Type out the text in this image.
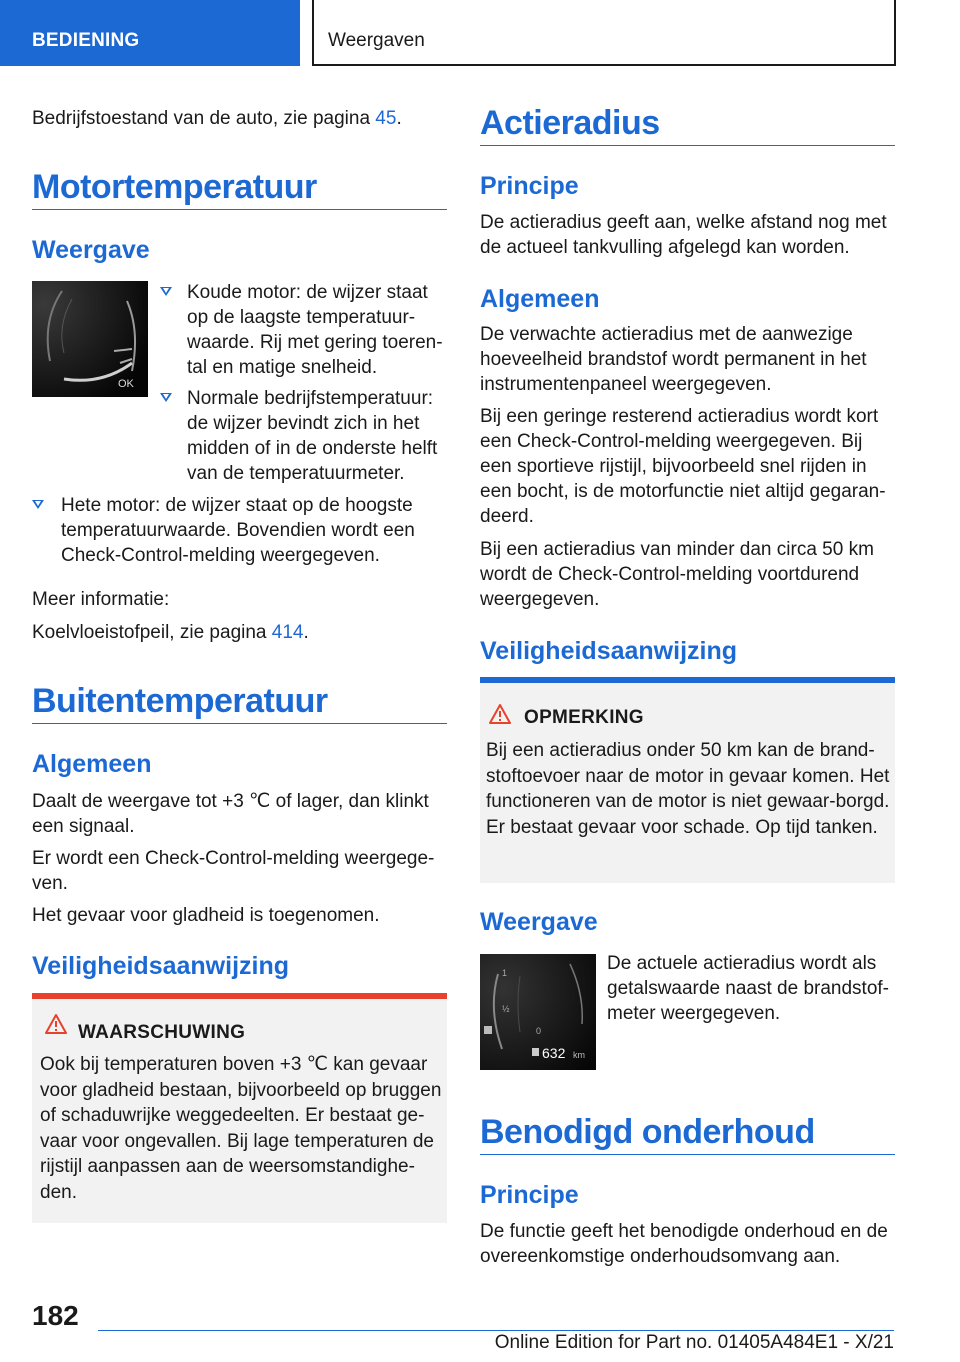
BEDIENING	Weergaven

Bedrijfstoestand van de auto, zie pagina 45.

Motortemperatuur
Weergave
OK
Koude motor: de wijzer staat op de laagste temperatuur-waarde. Rij met gering toeren-tal en matige snelheid.
Normale bedrijfstemperatuur: de wijzer bevindt zich in het midden of in de onderste helft van de temperatuurmeter.
Hete motor: de wijzer staat op de hoogste temperatuurwaarde. Bovendien wordt een Check-Control-melding weergegeven.

Meer informatie:

Koelvloeistofpeil, zie pagina 414.

Buitentemperatuur
Algemeen

Daalt de weergave tot +3 ℃ of lager, dan klinkt een signaal.

Er wordt een Check-Control-melding weergege-ven.

Het gevaar voor gladheid is toegenomen.

Veiligheidsaanwijzing
WAARSCHUWING
Ook bij temperaturen boven +3 ℃ kan gevaar voor gladheid bestaan, bijvoorbeeld op bruggen of schaduwrijke weggedeelten. Er bestaat ge-vaar voor ongevallen. Bij lage temperaturen de rijstijl aanpassen aan de weersomstandighe-den.
Actieradius
Principe

De actieradius geeft aan, welke afstand nog met de actueel tankvulling afgelegd kan worden.

Algemeen

De verwachte actieradius met de aanwezige hoeveelheid brandstof wordt permanent in het instrumentenpaneel weergegeven.

Bij een geringe resterend actieradius wordt kort een Check-Control-melding weergegeven. Bij een sportieve rijstijl, bijvoorbeeld snel rijden in een bocht, is de motorfunctie niet altijd gegaran-deerd.

Bij een actieradius van minder dan circa 50 km wordt de Check-Control-melding voortdurend weergegeven.

Veiligheidsaanwijzing
OPMERKING
Bij een actieradius onder 50 km kan de brand-stoftoevoer naar de motor in gevaar komen. Het functioneren van de motor is niet gewaar-borgd. Er bestaat gevaar voor schade. Op tijd tanken.
Weergave
1
½
0
632 km

De actuele actieradius wordt als getalswaarde naast de brandstof-meter weergegeven.

Benodigd onderhoud
Principe

De functie geeft het benodigde onderhoud en de overeenkomstige onderhoudsomvang aan.

182
Online Edition for Part no. 01405A484E1 - X/21
